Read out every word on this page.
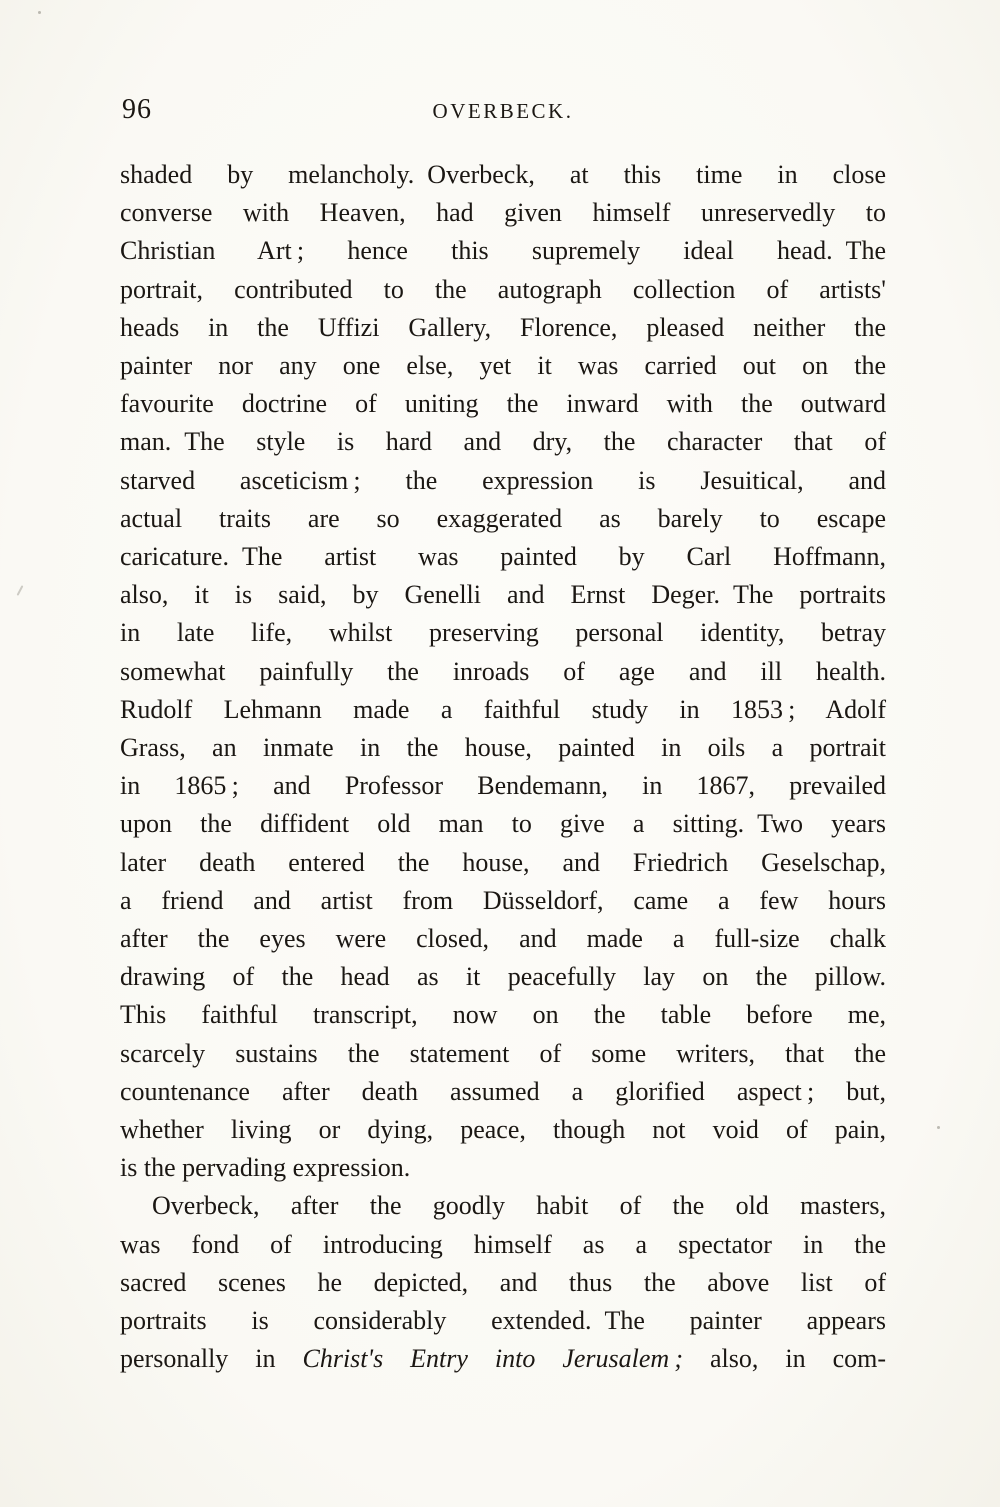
96	OVERBECK.
shaded by melancholy. Overbeck, at this time in close
converse with Heaven, had given himself unreservedly to
Christian Art ; hence this supremely ideal head. The
portrait, contributed to the autograph collection of artists'
heads in the Uffizi Gallery, Florence, pleased neither the
painter nor any one else, yet it was carried out on the
favourite doctrine of uniting the inward with the outward
man. The style is hard and dry, the character that of
starved asceticism ; the expression is Jesuitical, and
actual traits are so exaggerated as barely to escape
caricature. The artist was painted by Carl Hoffmann,
also, it is said, by Genelli and Ernst Deger. The portraits
in late life, whilst preserving personal identity, betray
somewhat painfully the inroads of age and ill health.
Rudolf Lehmann made a faithful study in 1853 ; Adolf
Grass, an inmate in the house, painted in oils a portrait
in 1865 ; and Professor Bendemann, in 1867, prevailed
upon the diffident old man to give a sitting. Two years
later death entered the house, and Friedrich Geselschap,
a friend and artist from Düsseldorf, came a few hours
after the eyes were closed, and made a full-size chalk
drawing of the head as it peacefully lay on the pillow.
This faithful transcript, now on the table before me,
scarcely sustains the statement of some writers, that the
countenance after death assumed a glorified aspect ; but,
whether living or dying, peace, though not void of pain,
is the pervading expression.
Overbeck, after the goodly habit of the old masters,
was fond of introducing himself as a spectator in the
sacred scenes he depicted, and thus the above list of
portraits is considerably extended. The painter appears
personally in Christ's Entry into Jerusalem ; also, in com-
